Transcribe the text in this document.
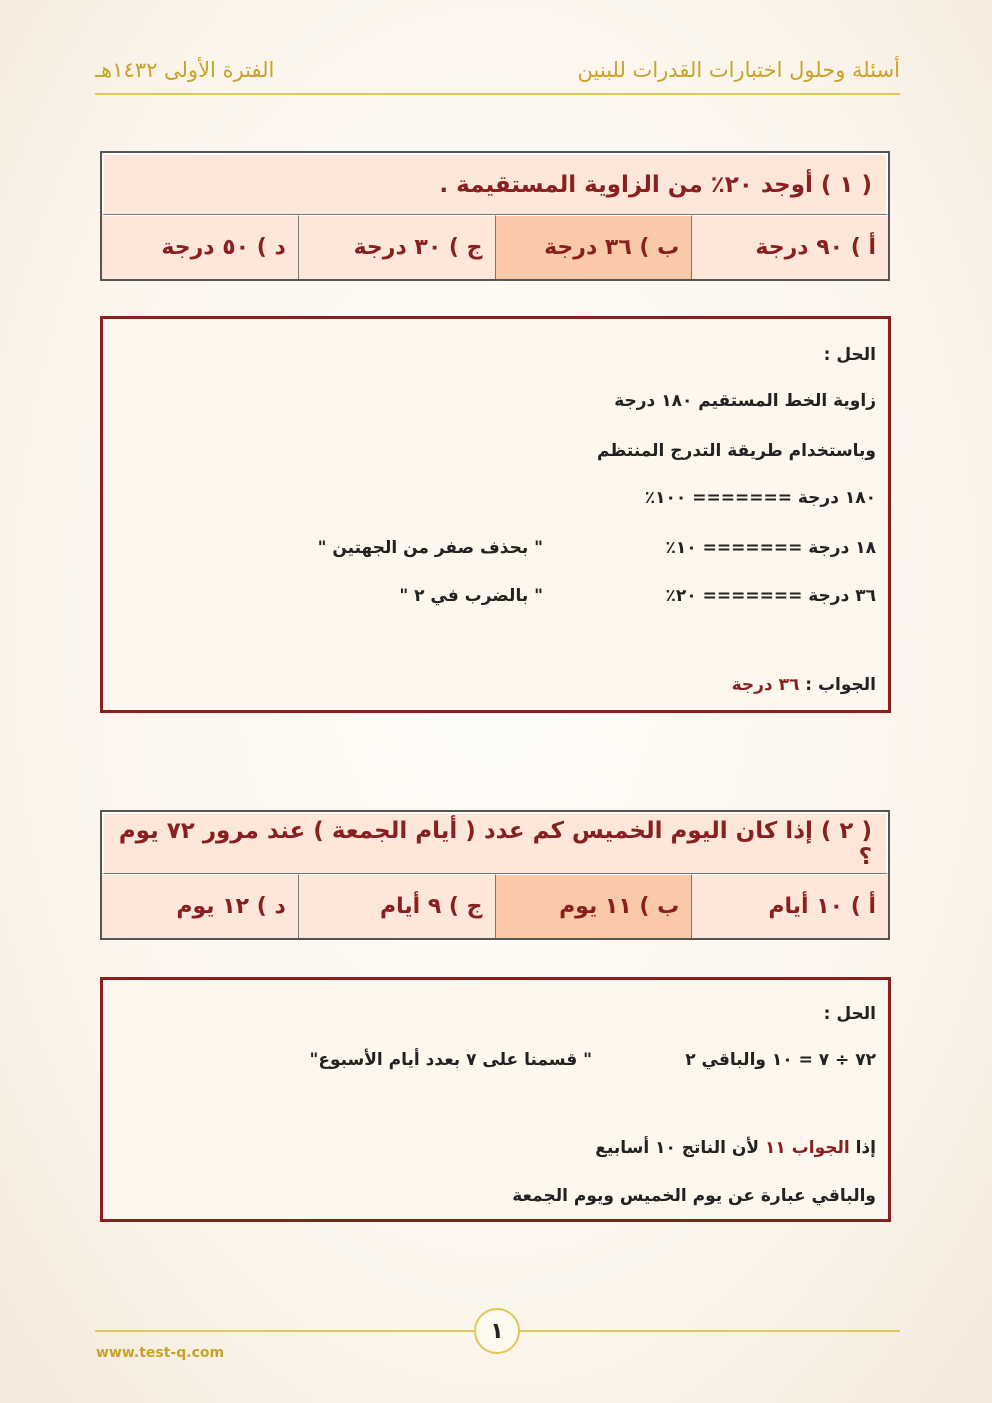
أسئلة وحلول اختبارات القدرات للبنين
الفترة الأولى ١٤٣٢هـ
( ١ ) أوجد ٢٠٪ من الزاوية المستقيمة .
أ ) ٩٠ درجة
ب ) ٣٦ درجة
ج ) ٣٠ درجة
د ) ٥٠ درجة
الحل :
زاوية الخط المستقيم ١٨٠ درجة
وباستخدام طريقة التدرج المنتظم
١٨٠ درجة ======= ١٠٠٪
١٨ درجة ======= ١٠٪
" بحذف صفر من الجهتين "
٣٦ درجة ======= ٢٠٪
" بالضرب في ٢ "
الجواب : ٣٦ درجة
( ٢ ) إذا كان اليوم الخميس كم عدد ( أيام الجمعة ) عند مرور ٧٢ يوم ؟
أ ) ١٠ أيام
ب ) ١١ يوم
ج ) ٩ أيام
د ) ١٢ يوم
الحل :
٧٢ ÷ ٧ = ١٠ والباقي ٢
" قسمنا على ٧ بعدد أيام الأسبوع"
إذا الجواب ١١ لأن الناتج ١٠ أسابيع
والباقي عبارة عن يوم الخميس ويوم الجمعة
١
www.test-q.com
